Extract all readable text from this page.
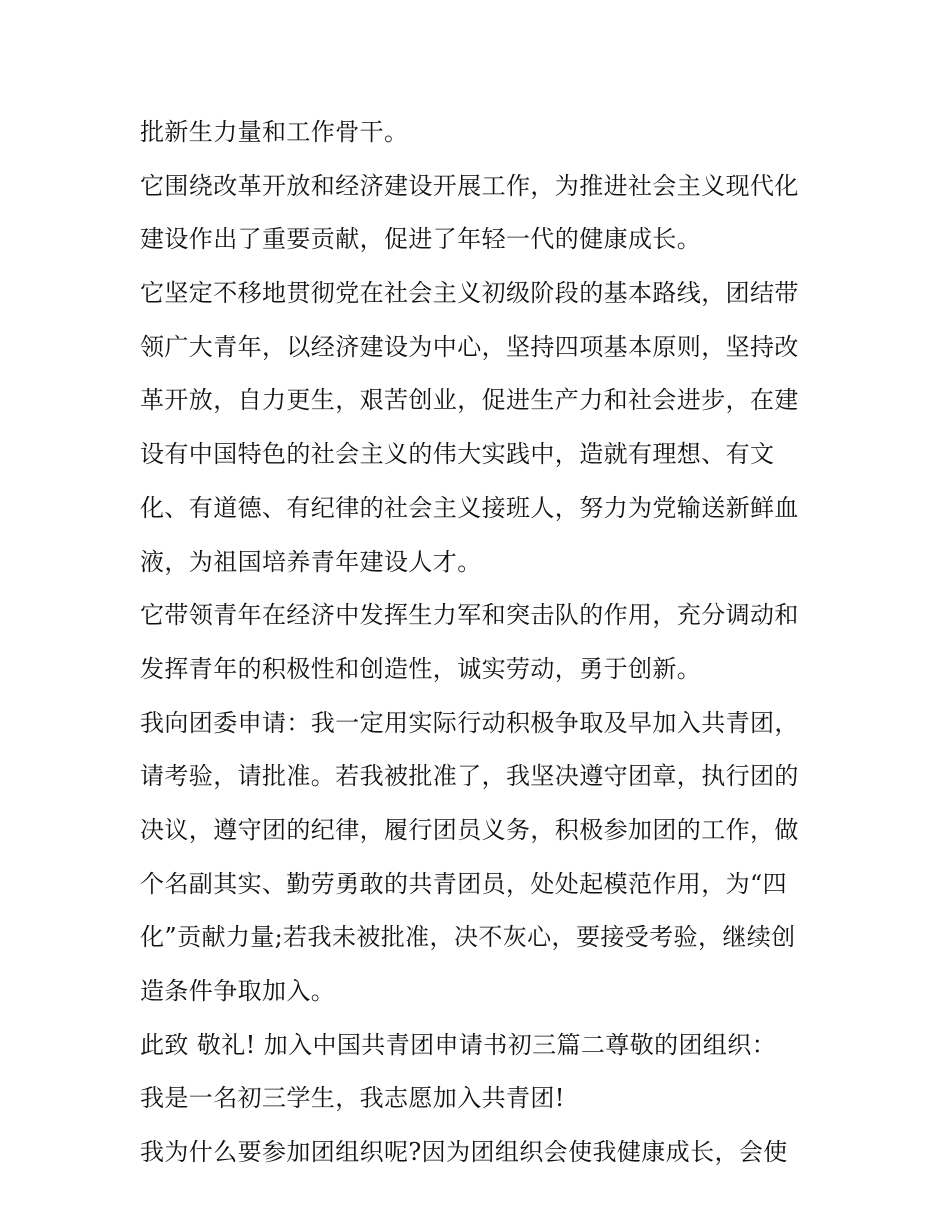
批新生力量和工作骨干。
它围绕改革开放和经济建设开展工作，为推进社会主义现代化
建设作出了重要贡献，促进了年轻一代的健康成长。
它坚定不移地贯彻党在社会主义初级阶段的基本路线，团结带
领广大青年，以经济建设为中心，坚持四项基本原则，坚持改
革开放，自力更生，艰苦创业，促进生产力和社会进步，在建
设有中国特色的社会主义的伟大实践中，造就有理想、有文
化、有道德、有纪律的社会主义接班人，努力为党输送新鲜血
液，为祖国培养青年建设人才。
它带领青年在经济中发挥生力军和突击队的作用，充分调动和
发挥青年的积极性和创造性，诚实劳动，勇于创新。
我向团委申请：我一定用实际行动积极争取及早加入共青团，
请考验，请批准。若我被批准了，我坚决遵守团章，执行团的
决议，遵守团的纪律，履行团员义务，积极参加团的工作，做
个名副其实、勤劳勇敢的共青团员，处处起模范作用，为“四
化”贡献力量;若我未被批准，决不灰心，要接受考验，继续创
造条件争取加入。
此致 敬礼! 加入中国共青团申请书初三篇二尊敬的团组织：
我是一名初三学生，我志愿加入共青团!
我为什么要参加团组织呢?因为团组织会使我健康成长，会使
